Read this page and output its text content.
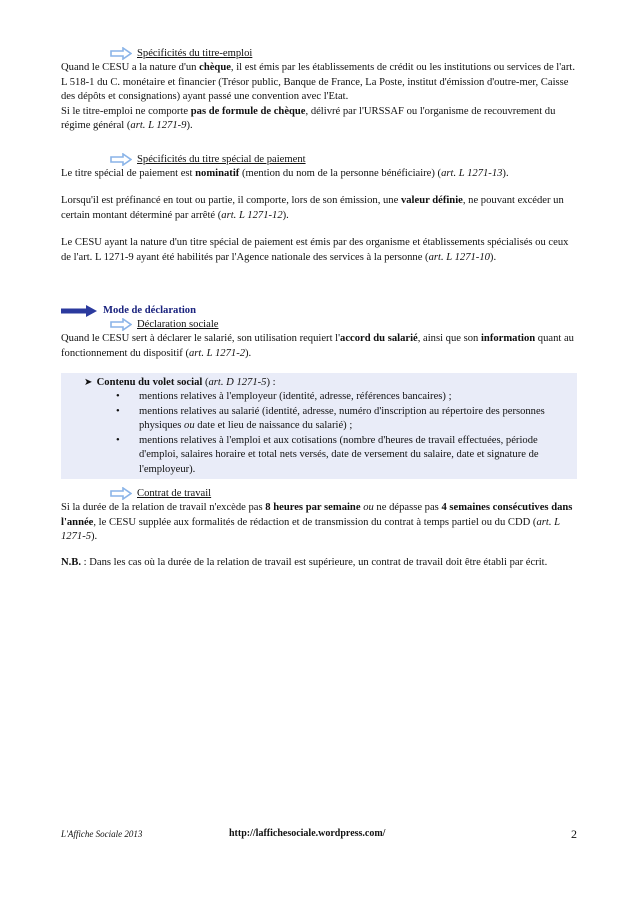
Spécificités du titre-emploi

Quand le CESU a la nature d'un chèque, il est émis par les établissements de crédit ou les institutions ou services de l'art. L 518-1 du C. monétaire et financier (Trésor public, Banque de France, La Poste, institut d'émission d'outre-mer, Caisse des dépôts et consignations) ayant passé une convention avec l'Etat.

Si le titre-emploi ne comporte pas de formule de chèque, délivré par l'URSSAF ou l'organisme de recouvrement du régime général (art. L 1271-9).

Spécificités du titre spécial de paiement

Le titre spécial de paiement est nominatif (mention du nom de la personne bénéficiaire) (art. L 1271-13).

Lorsqu'il est préfinancé en tout ou partie, il comporte, lors de son émission, une valeur définie, ne pouvant excéder un certain montant déterminé par arrêté (art. L 1271-12).

Le CESU ayant la nature d'un titre spécial de paiement est émis par des organisme et établissements spécialisés ou ceux de l'art. L 1271-9 ayant été habilités par l'Agence nationale des services à la personne (art. L 1271-10).

Mode de déclaration
Déclaration sociale

Quand le CESU sert à déclarer le salarié, son utilisation requiert l'accord du salarié, ainsi que son information quant au fonctionnement du dispositif (art. L 1271-2).

➤ Contenu du volet social (art. D 1271-5) :
• mentions relatives à l'employeur (identité, adresse, références bancaires) ;
• mentions relatives au salarié (identité, adresse, numéro d'inscription au répertoire des personnes physiques ou date et lieu de naissance du salarié) ;
• mentions relatives à l'emploi et aux cotisations (nombre d'heures de travail effectuées, période d'emploi, salaires horaire et total nets versés, date de versement du salaire, date et signature de l'employeur).
Contrat de travail

Si la durée de la relation de travail n'excède pas 8 heures par semaine ou ne dépasse pas 4 semaines consécutives dans l'année, le CESU supplée aux formalités de rédaction et de transmission du contrat à temps partiel ou du CDD (art. L 1271-5).

N.B. : Dans les cas où la durée de la relation de travail est supérieure, un contrat de travail doit être établi par écrit.

L'Affiche Sociale 2013	http://laffichesociale.wordpress.com/	2
